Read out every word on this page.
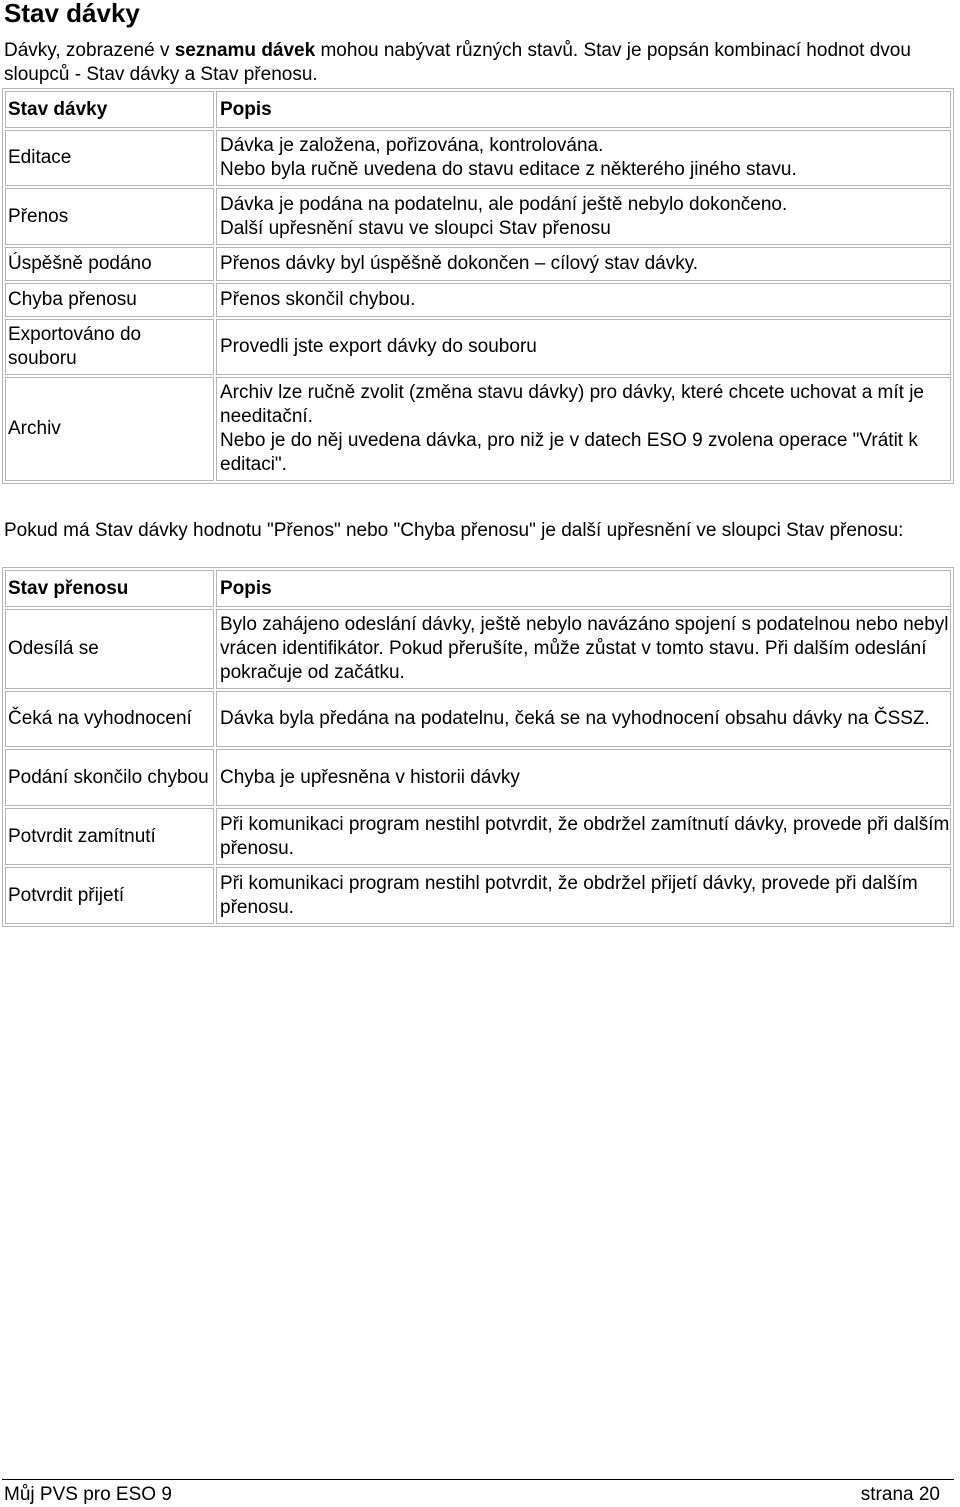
Stav dávky

Dávky, zobrazené v seznamu dávek mohou nabývat různých stavů. Stav je popsán kombinací hodnot dvou sloupců - Stav dávky a Stav přenosu.

Stav dávky	Popis
Editace	Dávka je založena, pořizována, kontrolována.
Nebo byla ručně uvedena do stavu editace z některého jiného stavu.

Přenos	Dávka je podána na podatelnu, ale podání ještě nebylo dokončeno.
Další upřesnění stavu ve sloupci Stav přenosu

Úspěšně podáno	Přenos dávky byl úspěšně dokončen – cílový stav dávky.

Chyba přenosu	Přenos skončil chybou.

Exportováno do souboru	Provedli jste export dávky do souboru

Archiv	Archiv lze ručně zvolit (změna stavu dávky) pro dávky, které chcete uchovat a mít je needitační.
Nebo je do něj uvedena dávka, pro niž je v datech ESO 9 zvolena operace "Vrátit k editaci".

Pokud má Stav dávky hodnotu "Přenos" nebo "Chyba přenosu" je další upřesnění ve sloupci Stav přenosu:

Stav přenosu	Popis
Odesílá se	Bylo zahájeno odeslání dávky, ještě nebylo navázáno spojení s podatelnou nebo nebyl vrácen identifikátor. Pokud přerušíte, může zůstat v tomto stavu. Při dalším odeslání pokračuje od začátku.

Čeká na vyhodnocení	Dávka byla předána na podatelnu, čeká se na vyhodnocení obsahu dávky na ČSSZ.

Podání skončilo chybou	Chyba je upřesněna v historii dávky

Potvrdit zamítnutí	Při komunikaci program nestihl potvrdit, že obdržel zamítnutí dávky, provede při dalším přenosu.

Potvrdit přijetí	Při komunikaci program nestihl potvrdit, že obdržel přijetí dávky, provede při dalším přenosu.
Můj PVS pro ESO 9	strana 20
